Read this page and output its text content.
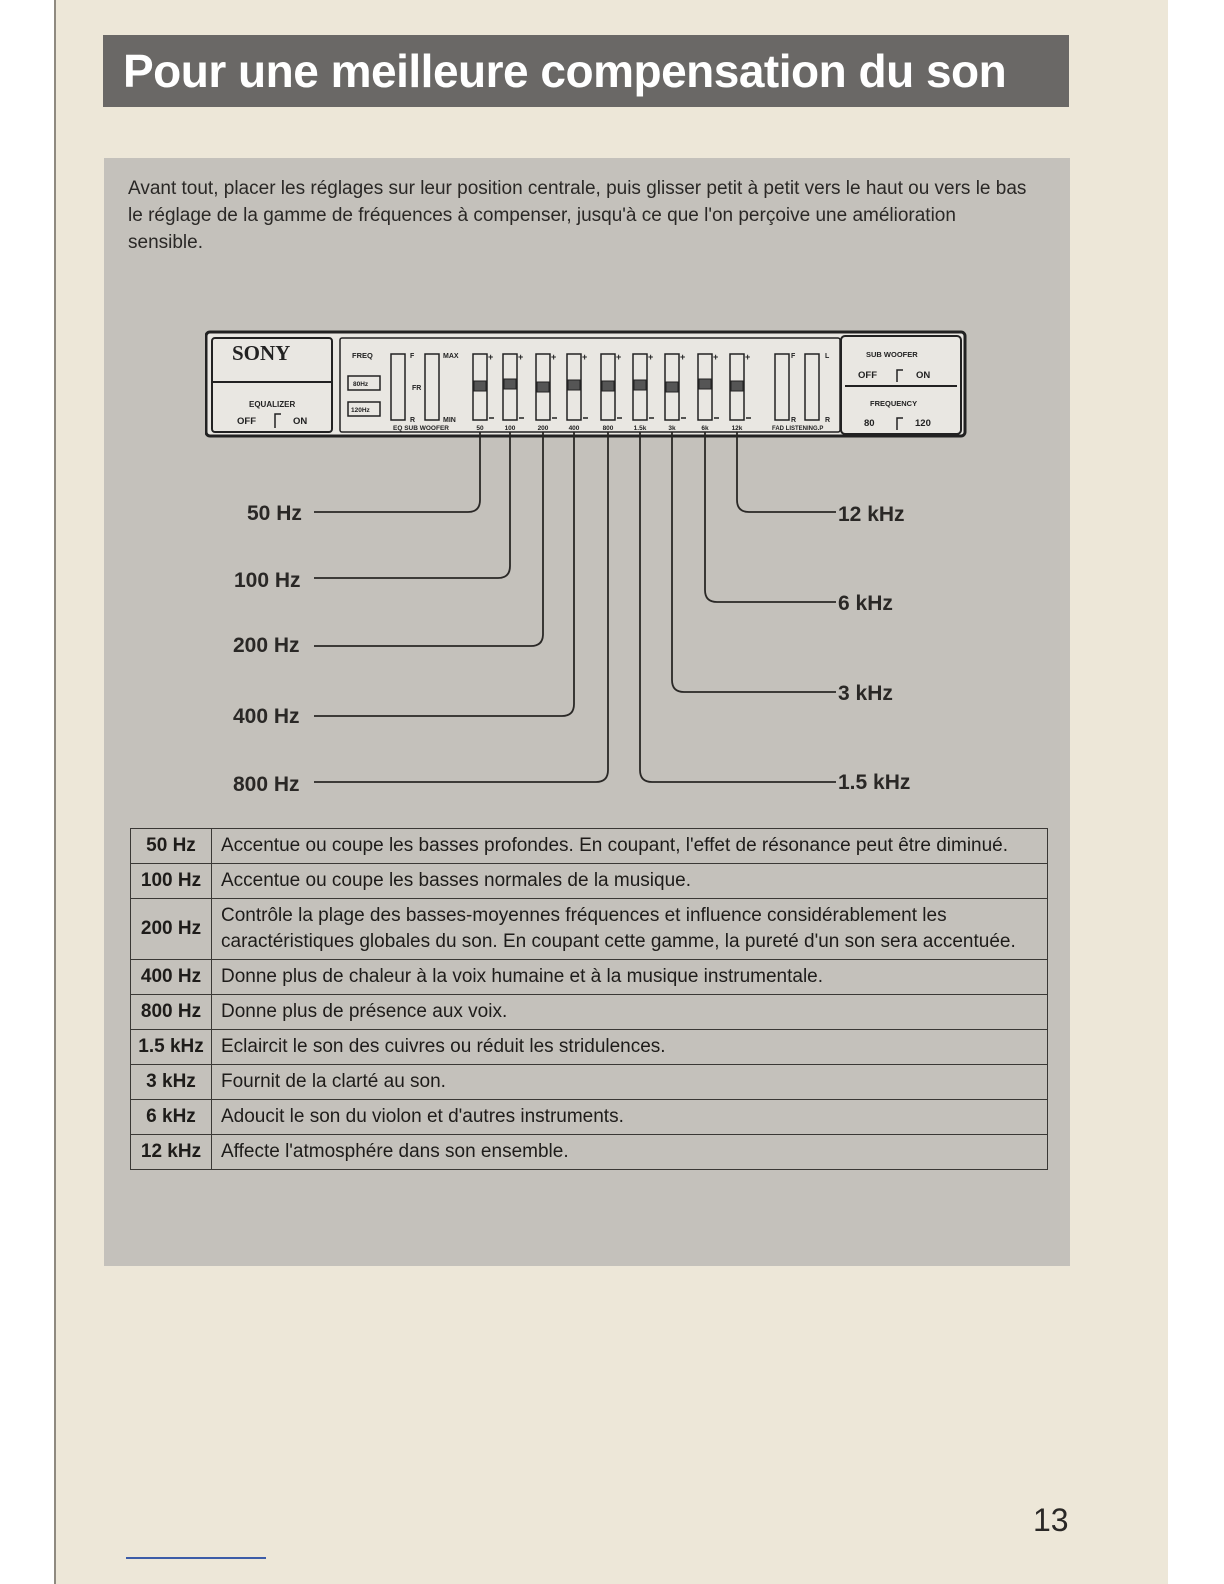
Pour une meilleure compensation du son

Avant tout, placer les réglages sur leur position centrale, puis glisser petit à petit vers le haut ou vers le bas le réglage de la gamme de fréquences à compenser, jusqu'à ce que l'on perçoive une amélioration sensible.

SONY
EQUALIZER
OFF	ON
FREQ
80Hz
120Hz
F	MAX
R	MIN
FR
EQ SUB WOOFER
+	+	+	+	+	+	+	+	+
50	100	200	400	800	1.5k	3k	6k	12k
F	L
R	R
FAD LISTENING.P
SUB WOOFER
OFF	ON
FREQUENCY
80	120
50 Hz
100 Hz
200 Hz
400 Hz
800 Hz
12 kHz
6 kHz
3 kHz
1.5 kHz
50 Hz	Accentue ou coupe les basses profondes. En coupant, l'effet de résonance peut être diminué.
100 Hz	Accentue ou coupe les basses normales de la musique.
200 Hz	Contrôle la plage des basses-moyennes fréquences et influence considérablement les caractéristiques globales du son. En coupant cette gamme, la pureté d'un son sera accentuée.
400 Hz	Donne plus de chaleur à la voix humaine et à la musique instrumentale.
800 Hz	Donne plus de présence aux voix.
1.5 kHz	Eclaircit le son des cuivres ou réduit les stridulences.
3 kHz	Fournit de la clarté au son.
6 kHz	Adoucit le son du violon et d'autres instruments.
12 kHz	Affecte l'atmosphére dans son ensemble.
13
